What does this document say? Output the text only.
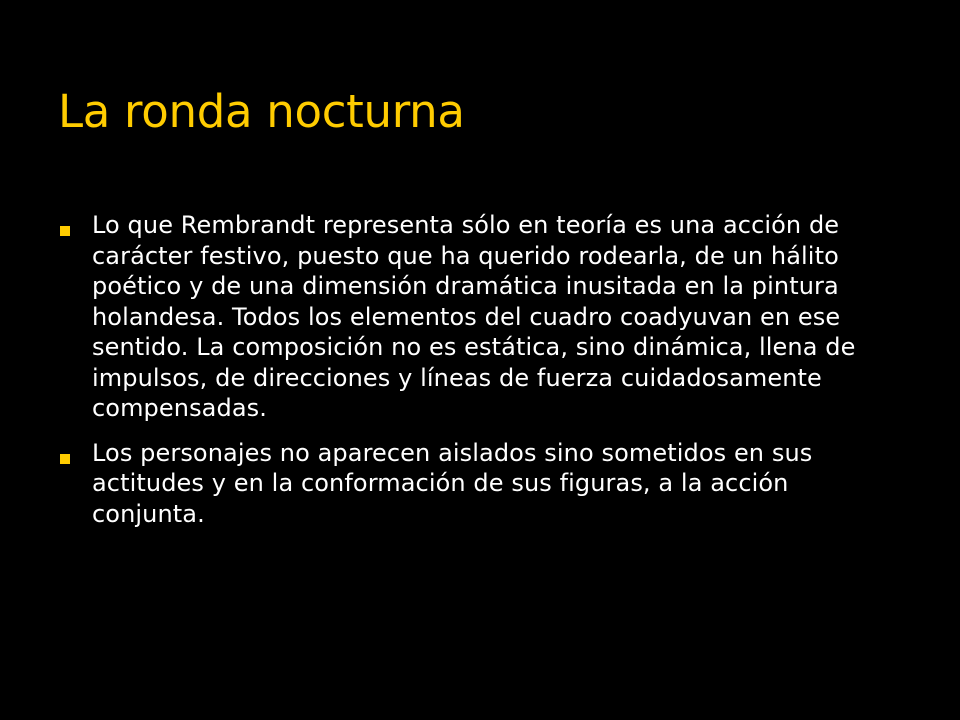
La ronda nocturna
Lo que Rembrandt representa sólo en teoría es una acción de carácter festivo, puesto que ha querido rodearla, de un hálito poético y de una dimensión dramática inusitada en la pintura holandesa. Todos los elementos del cuadro coadyuvan en ese sentido. La composición no es estática, sino dinámica, llena de impulsos, de direcciones y líneas de fuerza cuidadosamente compensadas.
Los personajes no aparecen aislados sino sometidos en sus actitudes y en la conformación de sus figuras, a la acción conjunta.
